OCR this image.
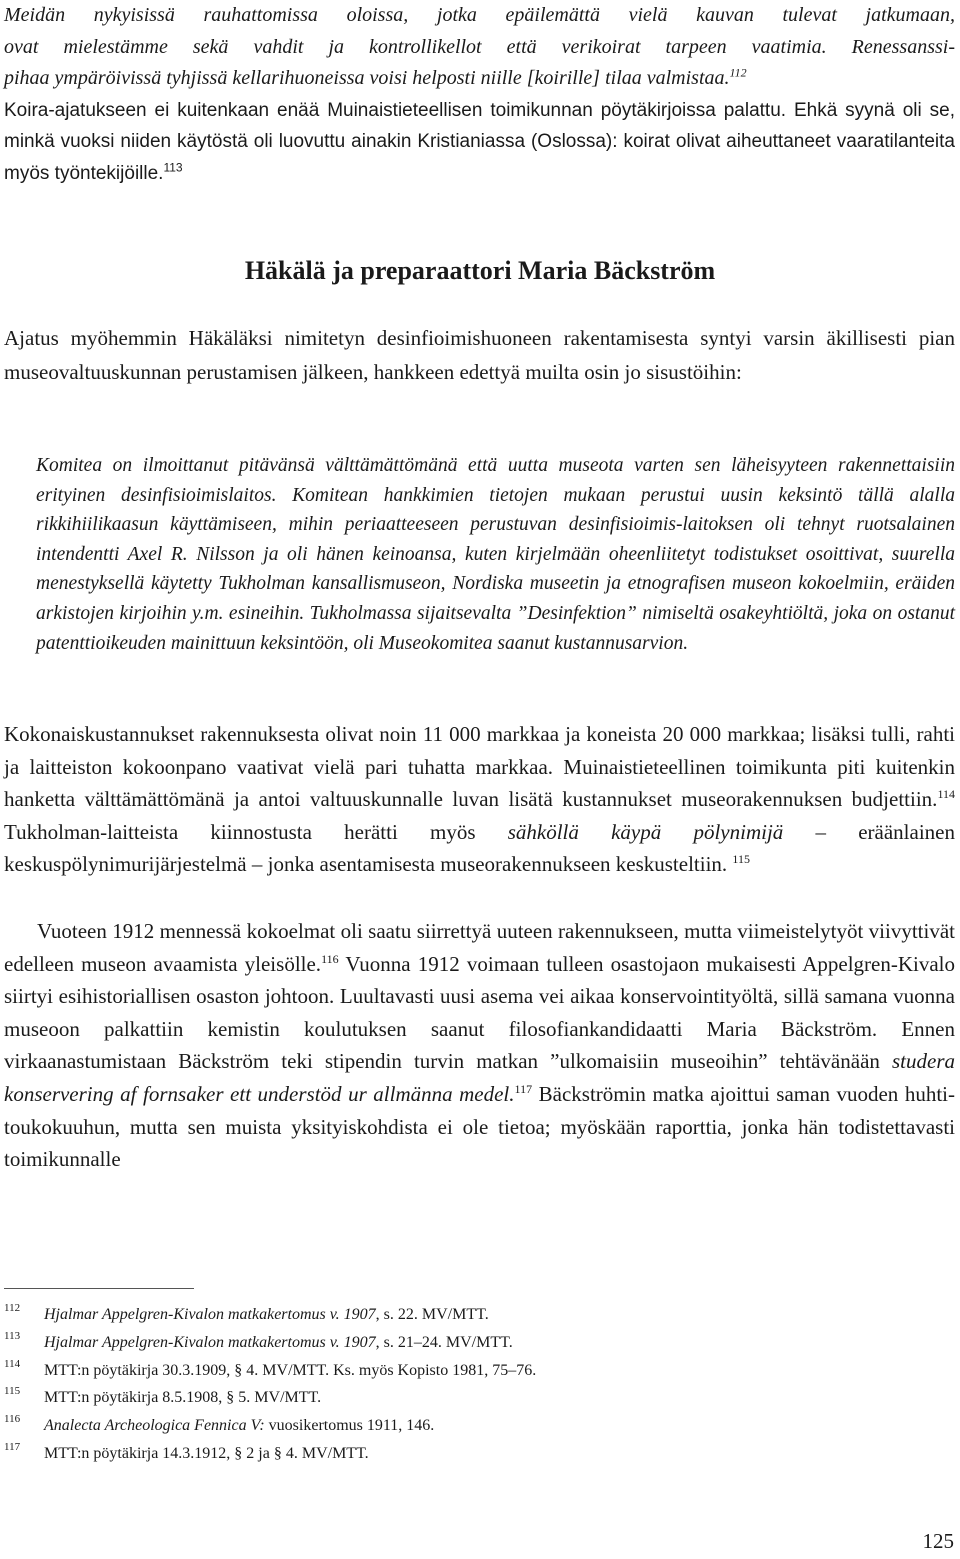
Meidän nykyisissä rauhattomissa oloissa, jotka epäilemättä vielä kauvan tulevat jatkumaan,
ovat mielestämme sekä vahdit ja kontrollikellot että verikoirat tarpeen vaatimia. Renessanssi-
pihaa ympäröivissä tyhjissä kellarihuoneissa voisi helposti niille [koirille] tilaa valmistaa.$^{112}$

Koira-ajatukseen ei kuitenkaan enää Muinaistieteellisen toimikunnan pöytäkirjoissa palattu. Ehkä syynä oli se, minkä vuoksi niiden käytöstä oli luovuttu ainakin Kristianiassa (Oslossa): koirat olivat aiheuttaneet vaaratilanteita myös työntekijöille.$^{113}$

Häkälä ja preparaattori Maria Bäckström

Ajatus myöhemmin Häkäläksi nimitetyn desinfioimishuoneen rakentamisesta syntyi varsin äkillisesti pian museovaltuuskunnan perustamisen jälkeen, hankkeen edettyä muilta osin jo sisustöihin:

Komitea on ilmoittanut pitävänsä välttämättömänä että uutta museota varten sen läheisyyteen rakennettaisiin erityinen desinfisioimislaitos. Komitean hankkimien tietojen mukaan perustui uusin keksintö tällä alalla rikkihiilikaasun käyttämiseen, mihin periaatteeseen perustuvan desinfisioimis-laitoksen oli tehnyt ruotsalainen intendentti Axel R. Nilsson ja oli hänen keinoansa, kuten kirjelmään oheenliitetyt todistukset osoittivat, suurella menestyksellä käytetty Tukholman kansallismuseon, Nordiska museetin ja etnografisen museon kokoelmiin, eräiden arkistojen kirjoihin y.m. esineihin. Tukholmassa sijaitsevalta ”Desinfektion” nimiseltä osakeyhtiöltä, joka on ostanut patenttioikeuden mainittuun keksintöön, oli Museokomitea saanut kustannusarvion.

Kokonaiskustannukset rakennuksesta olivat noin 11 000 markkaa ja koneista 20 000 markkaa; lisäksi tulli, rahti ja laitteiston kokoonpano vaativat vielä pari tuhatta markkaa. Muinaistieteellinen toimikunta piti kuitenkin hanketta välttämättömänä ja antoi valtuuskunnalle luvan lisätä kustannukset museorakennuksen budjettiin.$^{114}$ Tukholman-laitteista kiinnostusta herätti myös sähköllä käypä pölynimijä – eräänlainen keskuspölynimurijärjestelmä – jonka asentamisesta museorakennukseen keskusteltiin. $^{115}$

Vuoteen 1912 mennessä kokoelmat oli saatu siirrettyä uuteen rakennukseen, mutta viimeistelytyöt viivyttivät edelleen museon avaamista yleisölle.$^{116}$ Vuonna 1912 voimaan tulleen osastojaon mukaisesti Appelgren-Kivalo siirtyi esihistoriallisen osaston johtoon. Luultavasti uusi asema vei aikaa konservointityöltä, sillä samana vuonna museoon palkattiin kemistin koulutuksen saanut filosofiankandidaatti Maria Bäckström. Ennen virkaanastumistaan Bäckström teki stipendin turvin matkan ”ulkomaisiin museoihin” tehtävänään studera konservering af fornsaker ett understöd ur allmänna medel.$^{117}$ Bäckströmin matka ajoittui saman vuoden huhti-toukokuuhun, mutta sen muista yksityiskohdista ei ole tietoa; myöskään raporttia, jonka hän todistettavasti toimikunnalle

112 Hjalmar Appelgren-Kivalon matkakertomus v. 1907, s. 22. MV/MTT.
113 Hjalmar Appelgren-Kivalon matkakertomus v. 1907, s. 21–24. MV/MTT.
114 MTT:n pöytäkirja 30.3.1909, § 4. MV/MTT. Ks. myös Kopisto 1981, 75–76.
115 MTT:n pöytäkirja 8.5.1908, § 5. MV/MTT.
116 Analecta Archeologica Fennica V: vuosikertomus 1911, 146.
117 MTT:n pöytäkirja 14.3.1912, § 2 ja § 4. MV/MTT.
125
